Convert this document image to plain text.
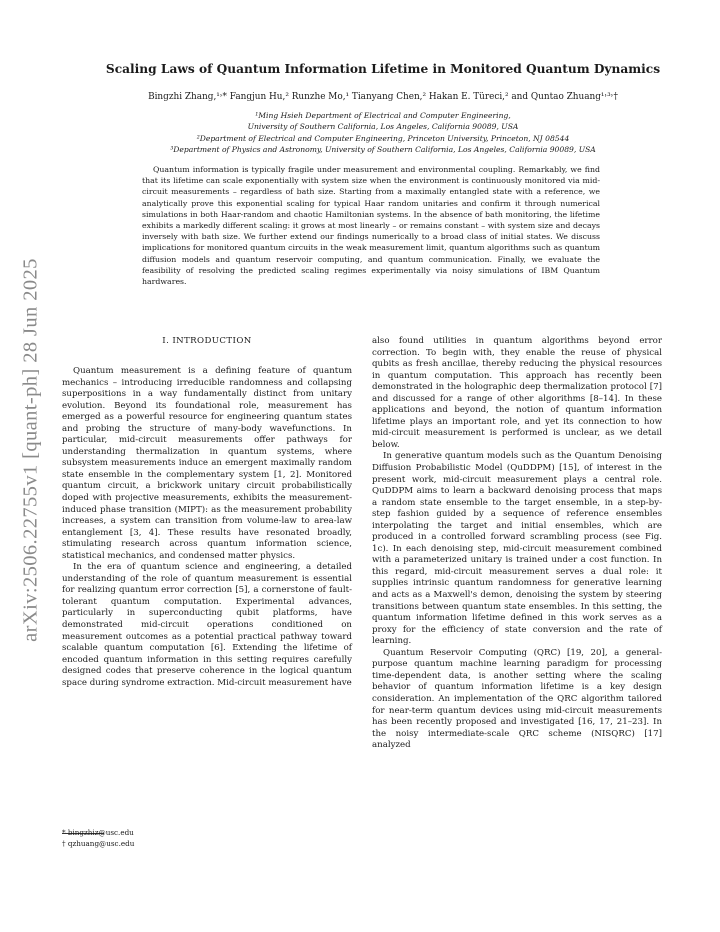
arXiv:2506.22755v1 [quant-ph] 28 Jun 2025
Scaling Laws of Quantum Information Lifetime in Monitored Quantum Dynamics
Bingzhi Zhang,¹˒* Fangjun Hu,² Runzhe Mo,¹ Tianyang Chen,² Hakan E. Türeci,² and Quntao Zhuang¹˒³˒†
¹Ming Hsieh Department of Electrical and Computer Engineering,
University of Southern California, Los Angeles, California 90089, USA
²Department of Electrical and Computer Engineering, Princeton University, Princeton, NJ 08544
³Department of Physics and Astronomy, University of Southern California, Los Angeles, California 90089, USA

Quantum information is typically fragile under measurement and environmental coupling. Remarkably, we find that its lifetime can scale exponentially with system size when the environment is continuously monitored via mid-circuit measurements – regardless of bath size. Starting from a maximally entangled state with a reference, we analytically prove this exponential scaling for typical Haar random unitaries and confirm it through numerical simulations in both Haar-random and chaotic Hamiltonian systems. In the absence of bath monitoring, the lifetime exhibits a markedly different scaling: it grows at most linearly – or remains constant – with system size and decays inversely with bath size. We further extend our findings numerically to a broad class of initial states. We discuss implications for monitored quantum circuits in the weak measurement limit, quantum algorithms such as quantum diffusion models and quantum reservoir computing, and quantum communication. Finally, we evaluate the feasibility of resolving the predicted scaling regimes experimentally via noisy simulations of IBM Quantum hardwares.

I. INTRODUCTION

Quantum measurement is a defining feature of quantum mechanics – introducing irreducible randomness and collapsing superpositions in a way fundamentally distinct from unitary evolution. Beyond its foundational role, measurement has emerged as a powerful resource for engineering quantum states and probing the structure of many-body wavefunctions. In particular, mid-circuit measurements offer pathways for understanding thermalization in quantum systems, where subsystem measurements induce an emergent maximally random state ensemble in the complementary system [1, 2]. Monitored quantum circuit, a brickwork unitary circuit probabilistically doped with projective measurements, exhibits the measurement-induced phase transition (MIPT): as the measurement probability increases, a system can transition from volume-law to area-law entanglement [3, 4]. These results have resonated broadly, stimulating research across quantum information science, statistical mechanics, and condensed matter physics.

In the era of quantum science and engineering, a detailed understanding of the role of quantum measurement is essential for realizing quantum error correction [5], a cornerstone of fault-tolerant quantum computation. Experimental advances, particularly in superconducting qubit platforms, have demonstrated mid-circuit operations conditioned on measurement outcomes as a potential practical pathway toward scalable quantum computation [6]. Extending the lifetime of encoded quantum information in this setting requires carefully designed codes that preserve coherence in the logical quantum space during syndrome extraction. Mid-circuit measurement have

also found utilities in quantum algorithms beyond error correction. To begin with, they enable the reuse of physical qubits as fresh ancillae, thereby reducing the physical resources in quantum computation. This approach has recently been demonstrated in the holographic deep thermalization protocol [7] and discussed for a range of other algorithms [8–14]. In these applications and beyond, the notion of quantum information lifetime plays an important role, and yet its connection to how mid-circuit measurement is performed is unclear, as we detail below.

In generative quantum models such as the Quantum Denoising Diffusion Probabilistic Model (QuDDPM) [15], of interest in the present work, mid-circuit measurement plays a central role. QuDDPM aims to learn a backward denoising process that maps a random state ensemble to the target ensemble, in a step-by-step fashion guided by a sequence of reference ensembles interpolating the target and initial ensembles, which are produced in a controlled forward scrambling process (see Fig. 1c). In each denoising step, mid-circuit measurement combined with a parameterized unitary is trained under a cost function. In this regard, mid-circuit measurement serves a dual role: it supplies intrinsic quantum randomness for generative learning and acts as a Maxwell's demon, denoising the system by steering transitions between quantum state ensembles. In this setting, the quantum information lifetime defined in this work serves as a proxy for the efficiency of state conversion and the rate of learning.

Quantum Reservoir Computing (QRC) [19, 20], a general-purpose quantum machine learning paradigm for processing time-dependent data, is another setting where the scaling behavior of quantum information lifetime is a key design consideration. An implementation of the QRC algorithm tailored for near-term quantum devices using mid-circuit measurements has been recently proposed and investigated [16, 17, 21–23]. In the noisy intermediate-scale QRC scheme (NISQRC) [17] analyzed

* bingzhiz@usc.edu
† qzhuang@usc.edu
